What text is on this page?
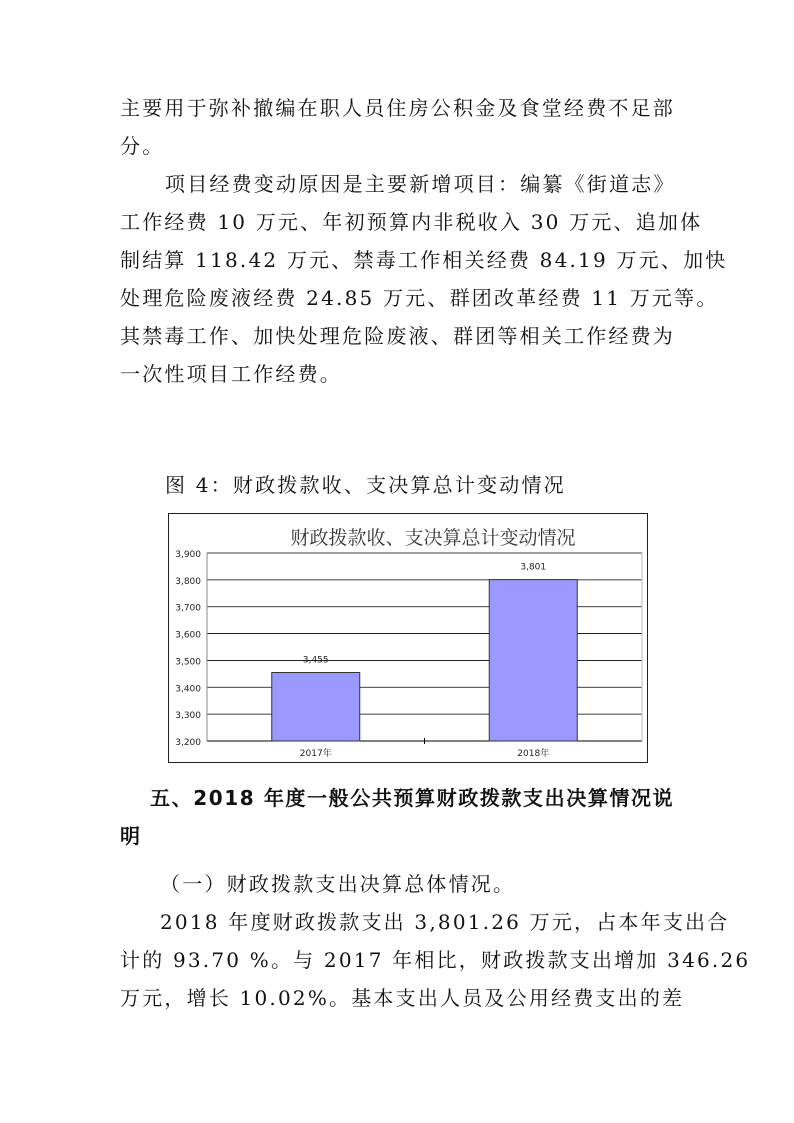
主要用于弥补撤编在职人员住房公积金及食堂经费不足部
分。
项目经费变动原因是主要新增项目：编纂《街道志》
工作经费 10 万元、年初预算内非税收入 30 万元、追加体
制结算 118.42 万元、禁毒工作相关经费 84.19 万元、加快
处理危险废液经费 24.85 万元、群团改革经费 11 万元等。
其禁毒工作、加快处理危险废液、群团等相关工作经费为
一次性项目工作经费。
图 4：财政拨款收、支决算总计变动情况
财政拨款收、支决算总计变动情况
3,200
3,300
3,400
3,500
3,600
3,700
3,800
3,900
3,455
2017年
3,801
2018年
五、2018 年度一般公共预算财政拨款支出决算情况说
明
（一）财政拨款支出决算总体情况。
2018 年度财政拨款支出 3,801.26 万元，占本年支出合
计的 93.70 %。与 2017 年相比，财政拨款支出增加 346.26
万元，增长 10.02%。基本支出人员及公用经费支出的差
